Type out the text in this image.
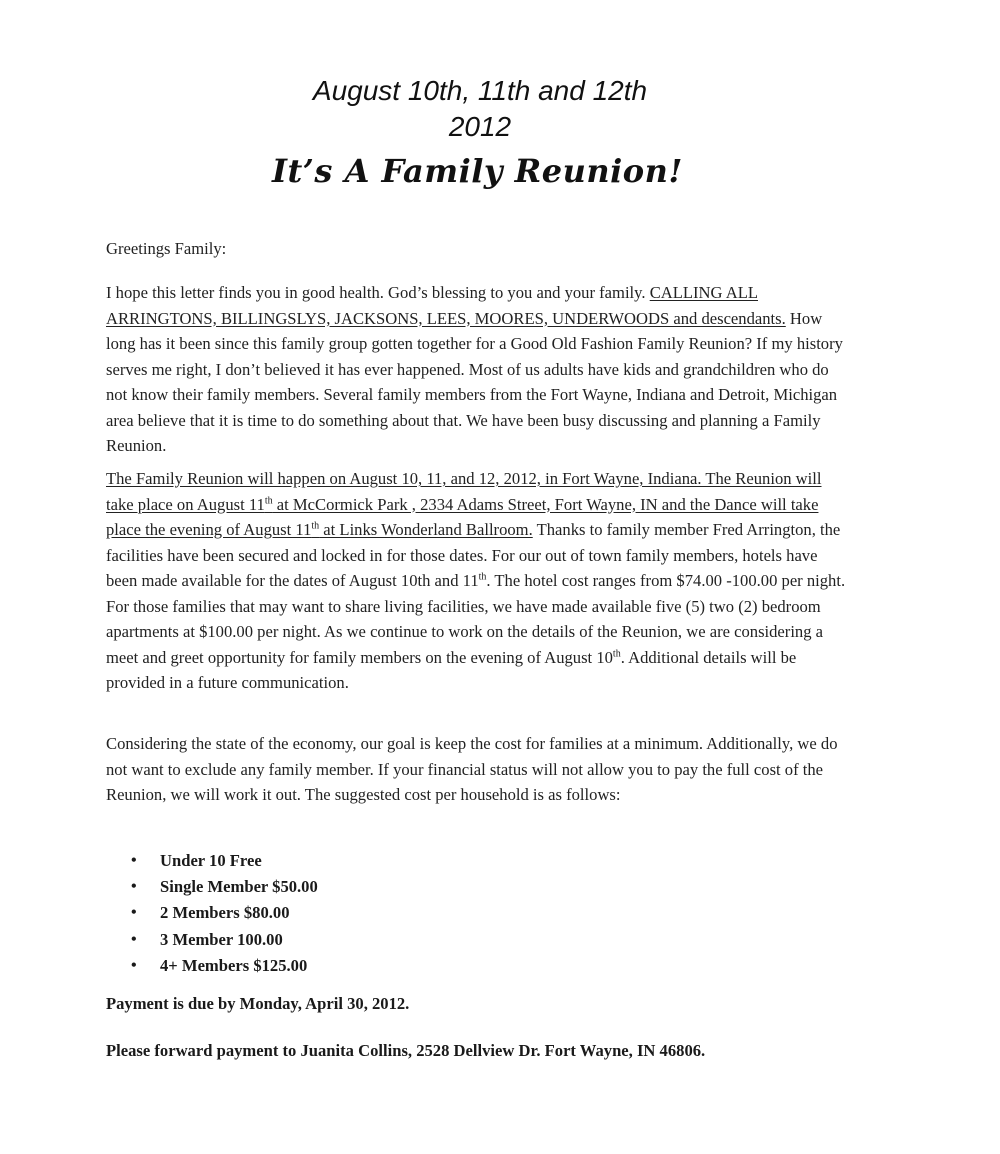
August 10th, 11th and 12th
2012
It’s A Family Reunion!
Greetings Family:
I hope this letter finds you in good health. God’s blessing to you and your family. CALLING ALL ARRINGTONS, BILLINGSLYS, JACKSONS, LEES, MOORES, UNDERWOODS and descendants. How long has it been since this family group gotten together for a Good Old Fashion Family Reunion? If my history serves me right, I don’t believed it has ever happened. Most of us adults have kids and grandchildren who do not know their family members. Several family members from the Fort Wayne, Indiana and Detroit, Michigan area believe that it is time to do something about that. We have been busy discussing and planning a Family Reunion.
The Family Reunion will happen on August 10, 11, and 12, 2012, in Fort Wayne, Indiana. The Reunion will take place on August 11th at McCormick Park , 2334 Adams Street, Fort Wayne, IN and the Dance will take place the evening of August 11th at Links Wonderland Ballroom. Thanks to family member Fred Arrington, the facilities have been secured and locked in for those dates. For our out of town family members, hotels have been made available for the dates of August 10th and 11th. The hotel cost ranges from $74.00 -100.00 per night. For those families that may want to share living facilities, we have made available five (5) two (2) bedroom apartments at $100.00 per night. As we continue to work on the details of the Reunion, we are considering a meet and greet opportunity for family members on the evening of August 10th. Additional details will be provided in a future communication.
Considering the state of the economy, our goal is keep the cost for families at a minimum. Additionally, we do not want to exclude any family member. If your financial status will not allow you to pay the full cost of the Reunion, we will work it out. The suggested cost per household is as follows:
• Under 10 Free
• Single Member $50.00
• 2 Members $80.00
• 3 Member 100.00
• 4+ Members $125.00
Payment is due by Monday, April 30, 2012.
Please forward payment to Juanita Collins, 2528 Dellview Dr. Fort Wayne, IN 46806.
